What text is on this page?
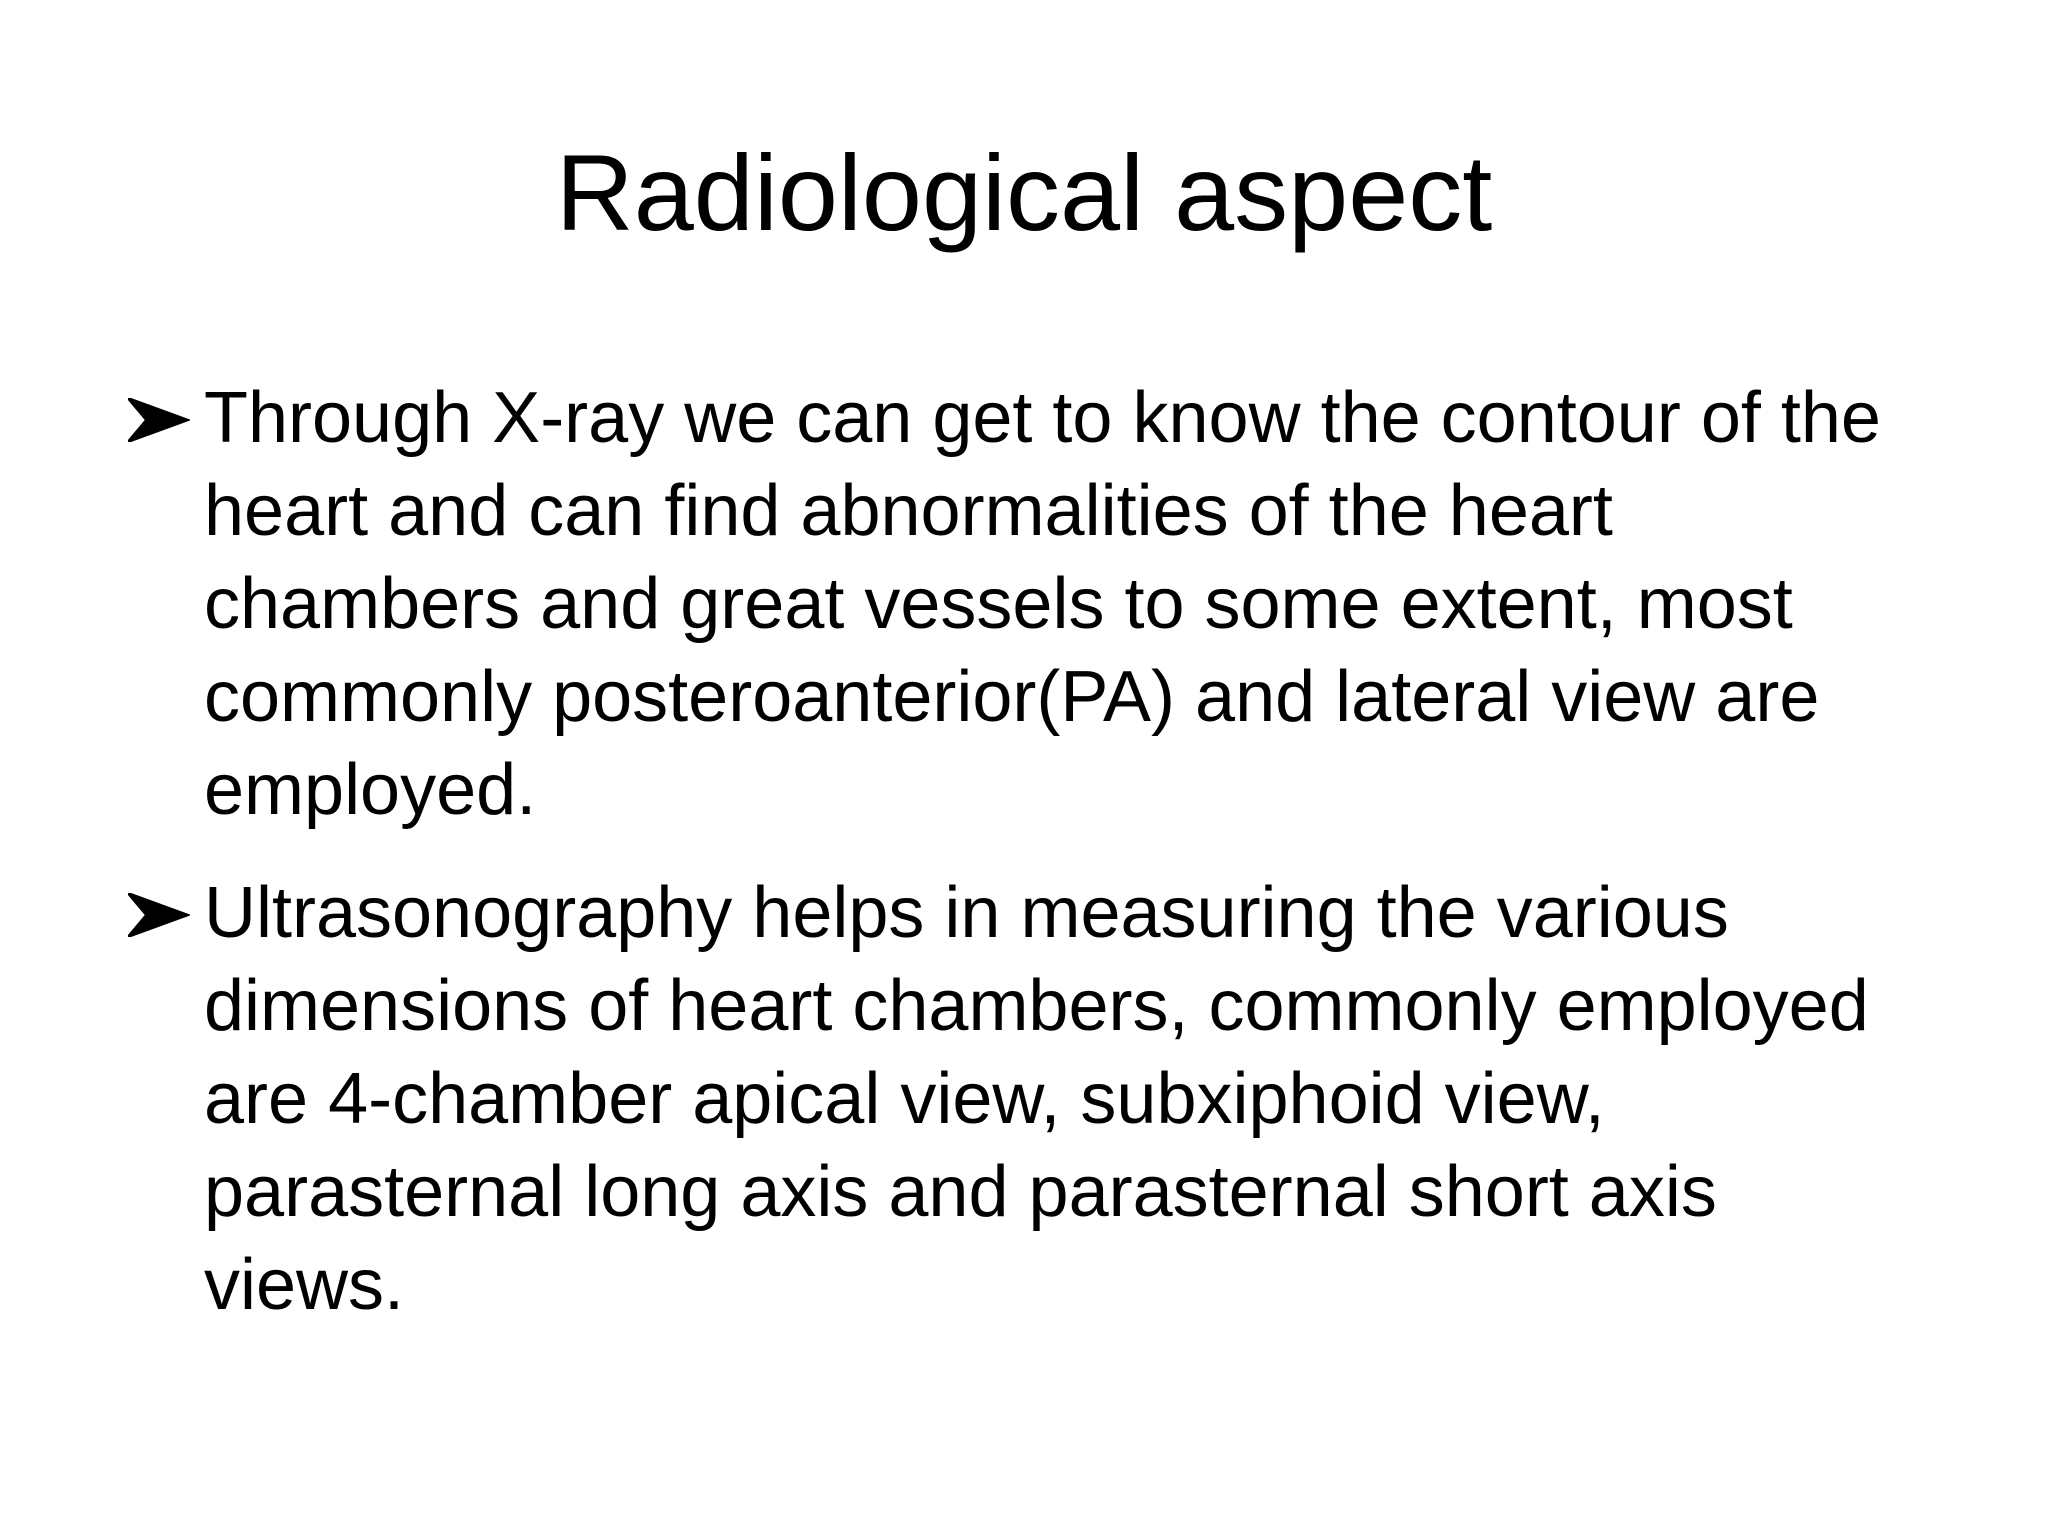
Radiological aspect
Through X-ray we can get to know the contour of the heart and can find abnormalities of the heart chambers and great vessels to some extent, most commonly posteroanterior(PA) and lateral view are employed.
Ultrasonography helps in measuring the various dimensions of heart chambers, commonly employed are 4-chamber apical view, subxiphoid view, parasternal long axis and parasternal short axis views.
